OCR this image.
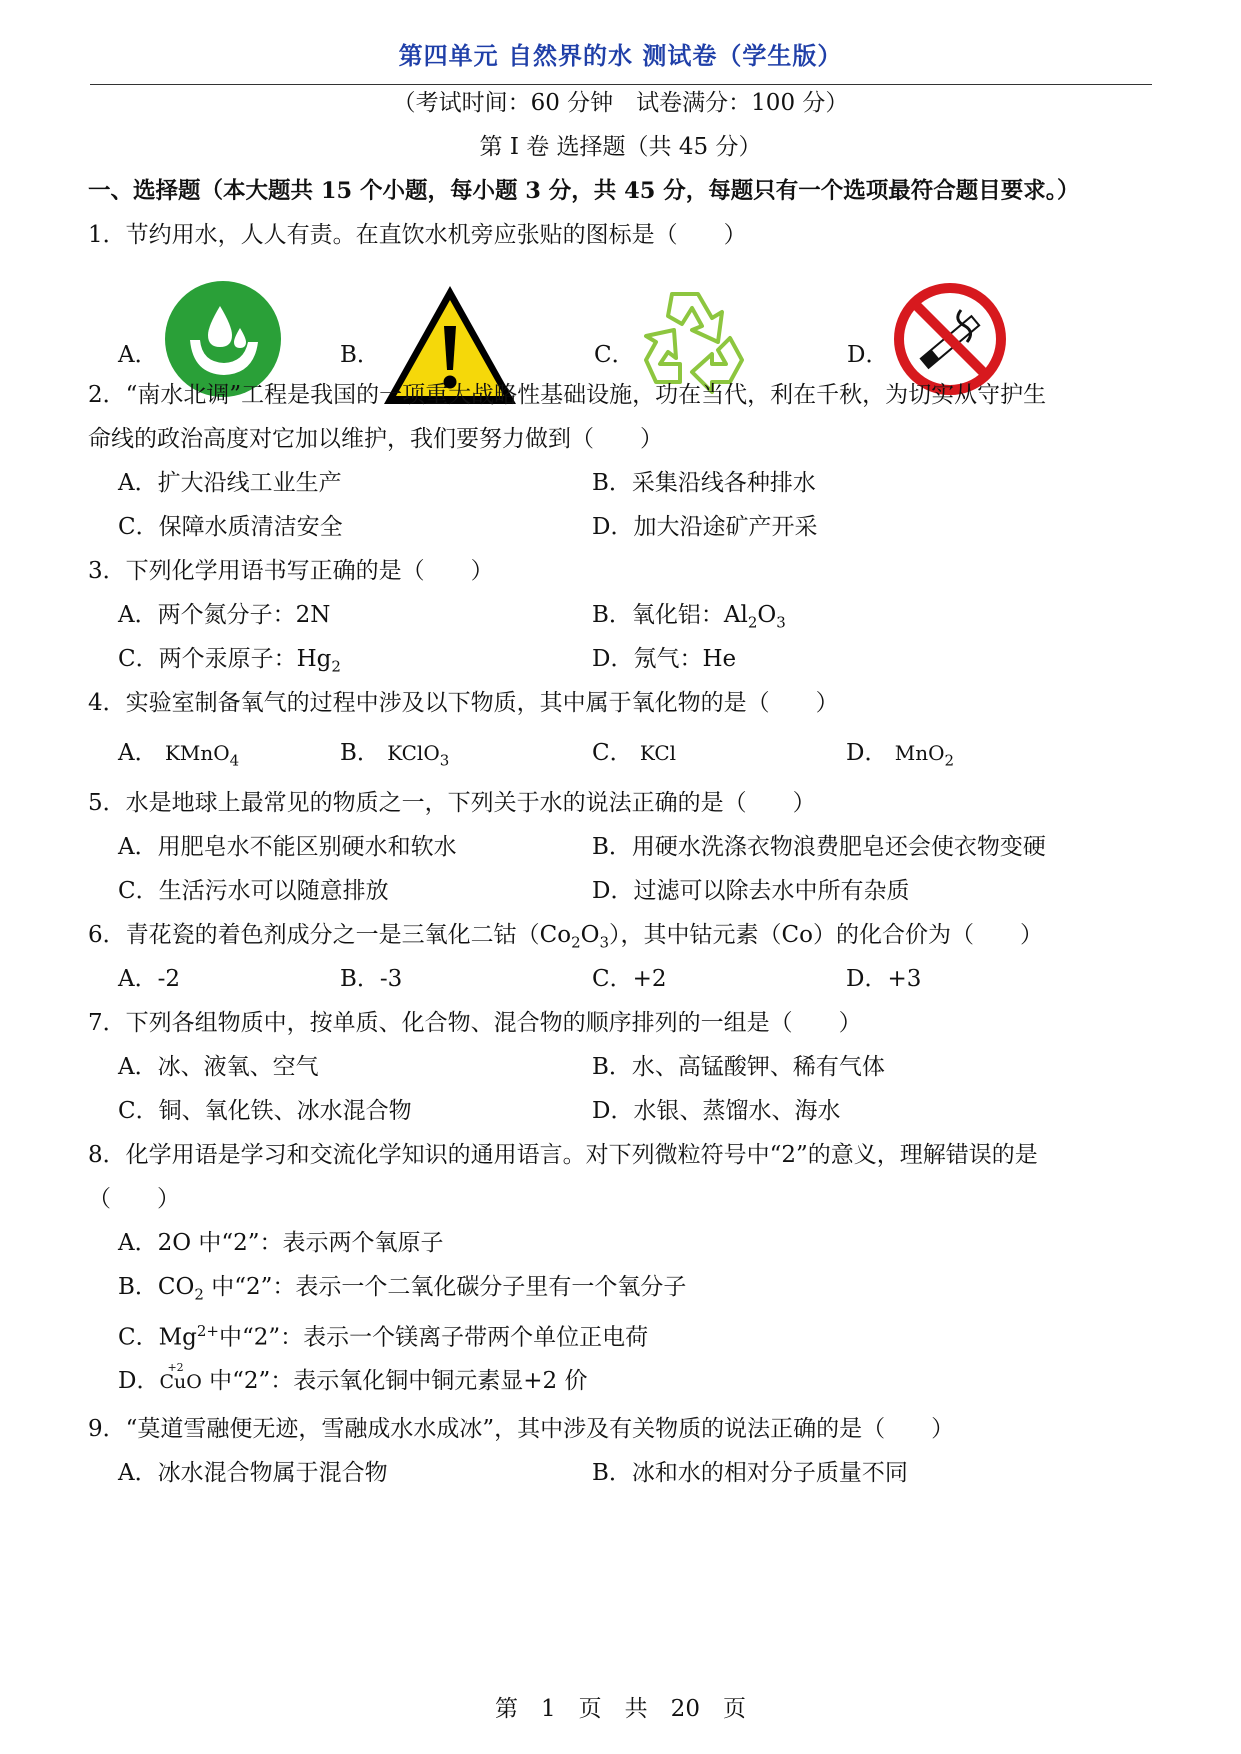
第四单元 自然界的水 测试卷（学生版）
（考试时间：60 分钟　试卷满分：100 分）
第 I 卷 选择题（共 45 分）
一、选择题（本大题共 15 个小题，每小题 3 分，共 45 分，每题只有一个选项最符合题目要求。）
1．节约用水，人人有责。在直饮水机旁应张贴的图标是（　　）
A．	B．	C．	D．
2．“南水北调”工程是我国的一项重大战略性基础设施，功在当代，利在千秋，为切实从守护生
命线的政治高度对它加以维护，我们要努力做到（　　）
A．扩大沿线工业生产	B．采集沿线各种排水
C．保障水质清洁安全	D．加大沿途矿产开采
3．下列化学用语书写正确的是（　　）
A．两个氮分子：2N	B．氧化铝：$Al_2O_3$
C．两个汞原子：$Hg_2$	D．氖气：He
4．实验室制备氧气的过程中涉及以下物质，其中属于氧化物的是（　　）
A． KMnO$_4$	B． KClO$_3$	C． KCl	D． MnO$_2$
5．水是地球上最常见的物质之一，下列关于水的说法正确的是（　　）
A．用肥皂水不能区别硬水和软水	B．用硬水洗涤衣物浪费肥皂还会使衣物变硬
C．生活污水可以随意排放	D．过滤可以除去水中所有杂质
6．青花瓷的着色剂成分之一是三氧化二钴$(Co_2O_3)$，其中钴元素（Co）的化合价为（　　）
A．-2	B．-3	C．+2	D．+3
7．下列各组物质中，按单质、化合物、混合物的顺序排列的一组是（　　）
A．冰、液氧、空气	B．水、高锰酸钾、稀有气体
C．铜、氧化铁、冰水混合物	D．水银、蒸馏水、海水
8．化学用语是学习和交流化学知识的通用语言。对下列微粒符号中“2”的意义，理解错误的是
（　　）
A．2O 中“2”：表示两个氧原子
B．$CO_2$ 中“2”：表示一个二氧化碳分子里有一个氧分子
C．$Mg^{2+}$中“2”：表示一个镁离子带两个单位正电荷
D．
+2
CuO 中“2”：表示氧化铜中铜元素显+2 价
9．“莫道雪融便无迹，雪融成水水成冰”，其中涉及有关物质的说法正确的是（　　）
A．冰水混合物属于混合物	B．冰和水的相对分子质量不同
第　1　页　共　20　页
